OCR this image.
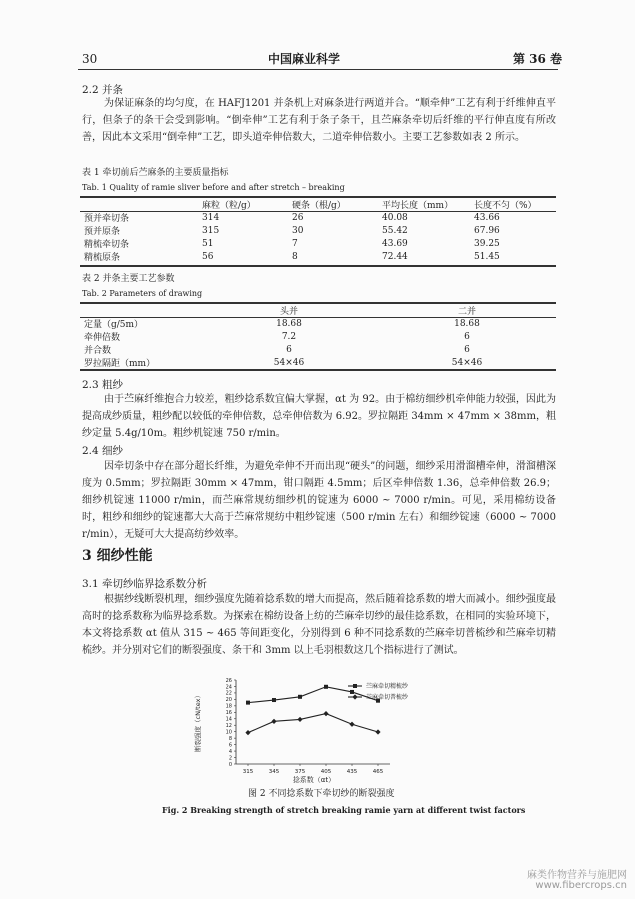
30	中国麻业科学	第 36 卷
2.2 并条
为保证麻条的均匀度，在 HAFJ1201 并条机上对麻条进行两道并合。“顺牵伸”工艺有利于纤维伸直平行，但条子的条干会受到影响。“倒牵伸”工艺有利于条子条干，且苎麻条牵切后纤维的平行伸直度有所改善，因此本文采用“倒牵伸”工艺，即头道牵伸倍数大，二道牵伸倍数小。主要工艺参数如表 2 所示。
表 1 牵切前后苎麻条的主要质量指标
Tab. 1 Quality of ramie sliver before and after stretch – breaking
	麻粒（粒/g）	硬条（根/g）	平均长度（mm）	长度不匀（%）
预并牵切条	314	26	40.08	43.66
预并原条	315	30	55.42	67.96
精梳牵切条	51	7	43.69	39.25
精梳原条	56	8	72.44	51.45
表 2 并条主要工艺参数
Tab. 2 Parameters of drawing
	头并	二并
定量（g/5m）	18.68	18.68
牵伸倍数	7.2	6
并合数	6	6
罗拉隔距（mm）	54×46	54×46
2.3 粗纱
由于苎麻纤维抱合力较差，粗纱捻系数宜偏大掌握，αt 为 92。由于棉纺细纱机牵伸能力较强，因此为提高成纱质量，粗纱配以较低的牵伸倍数，总牵伸倍数为 6.92。罗拉隔距 34mm × 47mm × 38mm，粗纱定量 5.4g/10m。粗纱机锭速 750 r/min。
2.4 细纱
因牵切条中存在部分超长纤维，为避免牵伸不开而出现“硬头”的问题，细纱采用滑溜槽牵伸，滑溜槽深度为 0.5mm；罗拉隔距 30mm × 47mm，钳口隔距 4.5mm；后区牵伸倍数 1.36，总牵伸倍数 26.9；细纱机锭速 11000 r/min，而苎麻常规纺细纱机的锭速为 6000 ~ 7000 r/min。可见，采用棉纺设备时，粗纱和细纱的锭速都大大高于苎麻常规纺中粗纱锭速（500 r/min 左右）和细纱锭速（6000 ~ 7000 r/min），无疑可大大提高纺纱效率。
3 细纱性能
3.1 牵切纱临界捻系数分析
根据纱线断裂机理，细纱强度先随着捻系数的增大而提高，然后随着捻系数的增大而减小。细纱强度最高时的捻系数称为临界捻系数。为探索在棉纺设备上纺的苎麻牵切纱的最佳捻系数，在相同的实验环境下，本文将捻系数 αt 值从 315 ~ 465 等间距变化，分别得到 6 种不同捻系数的苎麻牵切普梳纱和苎麻牵切精梳纱。并分别对它们的断裂强度、条干和 3mm 以上毛羽根数这几个指标进行了测试。
断裂强度（cN/tex）
捻系数（αt）
0
2
4
6
8
10
12
14
16
18
20
22
24
26
315	345	375	405	435	465
苎麻牵切精梳纱
苎麻牵切普梳纱
图 2 不同捻系数下牵切纱的断裂强度
Fig. 2 Breaking strength of stretch breaking ramie yarn at different twist factors
麻类作物营养与施肥网
www.fibercrops.cn
